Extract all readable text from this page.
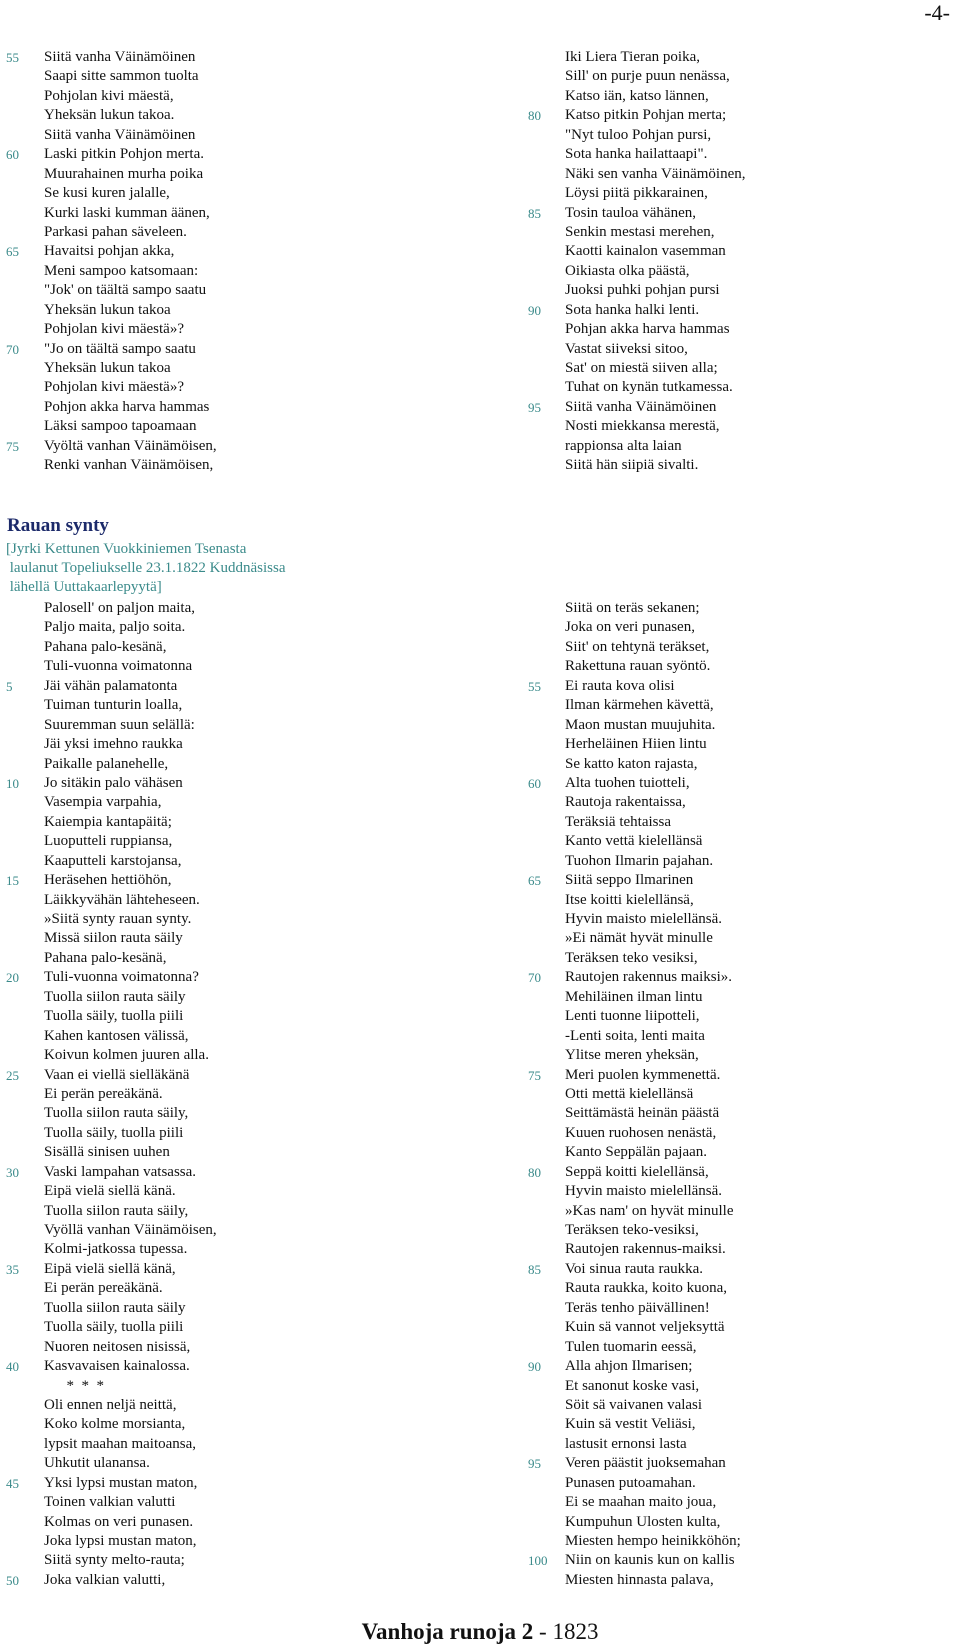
-4-
55	Siitä vanha Väinämöinen
Saapi sitte sammon tuolta
Pohjolan kivi mäestä,
Yheksän lukun takoa.
Siitä vanha Väinämöinen
60	Laski pitkin Pohjon merta.
Muurahainen murha poika
Se kusi kuren jalalle,
Kurki laski kumman äänen,
Parkasi pahan säveleen.
65	Havaitsi pohjan akka,
Meni sampoo katsomaan:
"Jok' on täältä sampo saatu
Yheksän lukun takoa
Pohjolan kivi mäestä»?
70	"Jo on täältä sampo saatu
Yheksän lukun takoa
Pohjolan kivi mäestä»?
Pohjon akka harva hammas
Läksi sampoo tapoamaan
75	Vyöltä vanhan Väinämöisen,
Renki vanhan Väinämöisen,
Iki Liera Tieran poika,
Sill' on purje puun nenässa,
Katso iän, katso lännen,
80	Katso pitkin Pohjan merta;
"Nyt tuloo Pohjan pursi,
Sota hanka hailattaapi".
Näki sen vanha Väinämöinen,
Löysi piitä pikkarainen,
85	Tosin tauloa vähänen,
Senkin mestasi merehen,
Kaotti kainalon vasemman
Oikiasta olka päästä,
Juoksi puhki pohjan pursi
90	Sota hanka halki lenti.
Pohjan akka harva hammas
Vastat siiveksi sitoo,
Sat' on miestä siiven alla;
Tuhat on kynän tutkamessa.
95	Siitä vanha Väinämöinen
Nosti miekkansa merestä,
rappionsa alta laian
Siitä hän siipiä sivalti.
Rauan synty
[Jyrki Kettunen Vuokkiniemen Tsenasta
laulanut Topeliukselle 23.1.1822 Kuddnäsissa
lähellä Uuttakaarlepyytä]
Palosell' on paljon maita,
Paljo maita, paljo soita.
Pahana palo-kesänä,
Tuli-vuonna voimatonna
5	Jäi vähän palamatonta
Tuiman tunturin loalla,
Suuremman suun selällä:
Jäi yksi imehno raukka
Paikalle palanehelle,
10	Jo sitäkin palo vähäsen
Vasempia varpahia,
Kaiempia kantapäitä;
Luoputteli ruppiansa,
Kaaputteli karstojansa,
15	Heräsehen hettiöhön,
Läikkyvähän lähteheseen.
»Siitä synty rauan synty.
Missä siilon rauta säily
Pahana palo-kesänä,
20	Tuli-vuonna voimatonna?
Tuolla siilon rauta säily
Tuolla säily, tuolla piili
Kahen kantosen välissä,
Koivun kolmen juuren alla.
25	Vaan ei viellä sielläkänä
Ei perän pereäkänä.
Tuolla siilon rauta säily,
Tuolla säily, tuolla piili
Sisällä sinisen uuhen
30	Vaski lampahan vatsassa.
Eipä vielä siellä känä.
Tuolla siilon rauta säily,
Vyöllä vanhan Väinämöisen,
Kolmi-jatkossa tupessa.
35	Eipä vielä siellä känä,
Ei perän pereäkänä.
Tuolla siilon rauta säily
Tuolla säily, tuolla piili
Nuoren neitosen nisissä,
40	Kasvavaisen kainalossa.
*  *  *
Oli ennen neljä neittä,
Koko kolme morsianta,
lypsit maahan maitoansa,
Uhkutit ulanansa.
45	Yksi lypsi mustan maton,
Toinen valkian valutti
Kolmas on veri punasen.
Joka lypsi mustan maton,
Siitä synty melto-rauta;
50	Joka valkian valutti,
Siitä on teräs sekanen;
Joka on veri punasen,
Siit' on tehtynä teräkset,
Rakettuna rauan syöntö.
55	Ei rauta kova olisi
Ilman kärmehen kävettä,
Maon mustan muujuhita.
Herheläinen Hiien lintu
Se katto katon rajasta,
60	Alta tuohen tuiotteli,
Rautoja rakentaissa,
Teräksiä tehtaissa
Kanto vettä kielellänsä
Tuohon Ilmarin pajahan.
65	Siitä seppo Ilmarinen
Itse koitti kielellänsä,
Hyvin maisto mielellänsä.
»Ei nämät hyvät minulle
Teräksen teko vesiksi,
70	Rautojen rakennus maiksi».
Mehiläinen ilman lintu
Lenti tuonne liipotteli,
-Lenti soita, lenti maita
Ylitse meren yheksän,
75	Meri puolen kymmenettä.
Otti mettä kielellänsä
Seittämästä heinän päästä
Kuuen ruohosen nenästä,
Kanto Seppälän pajaan.
80	Seppä koitti kielellänsä,
Hyvin maisto mielellänsä.
»Kas nam' on hyvät minulle
Teräksen teko-vesiksi,
Rautojen rakennus-maiksi.
85	Voi sinua rauta raukka.
Rauta raukka, koito kuona,
Teräs tenho päivällinen!
Kuin sä vannot veljeksyttä
Tulen tuomarin eessä,
90	Alla ahjon Ilmarisen;
Et sanonut koske vasi,
Söit sä vaivanen valasi
Kuin sä vestit Veliäsi,
lastusit ernonsi lasta
95	Veren päästit juoksemahan
Punasen putoamahan.
Ei se maahan maito joua,
Kumpuhun Ulosten kulta,
Miesten hempo heinikköhön;
100	Niin on kaunis kun on kallis
Miesten hinnasta palava,
Vanhoja runoja 2 - 1823
